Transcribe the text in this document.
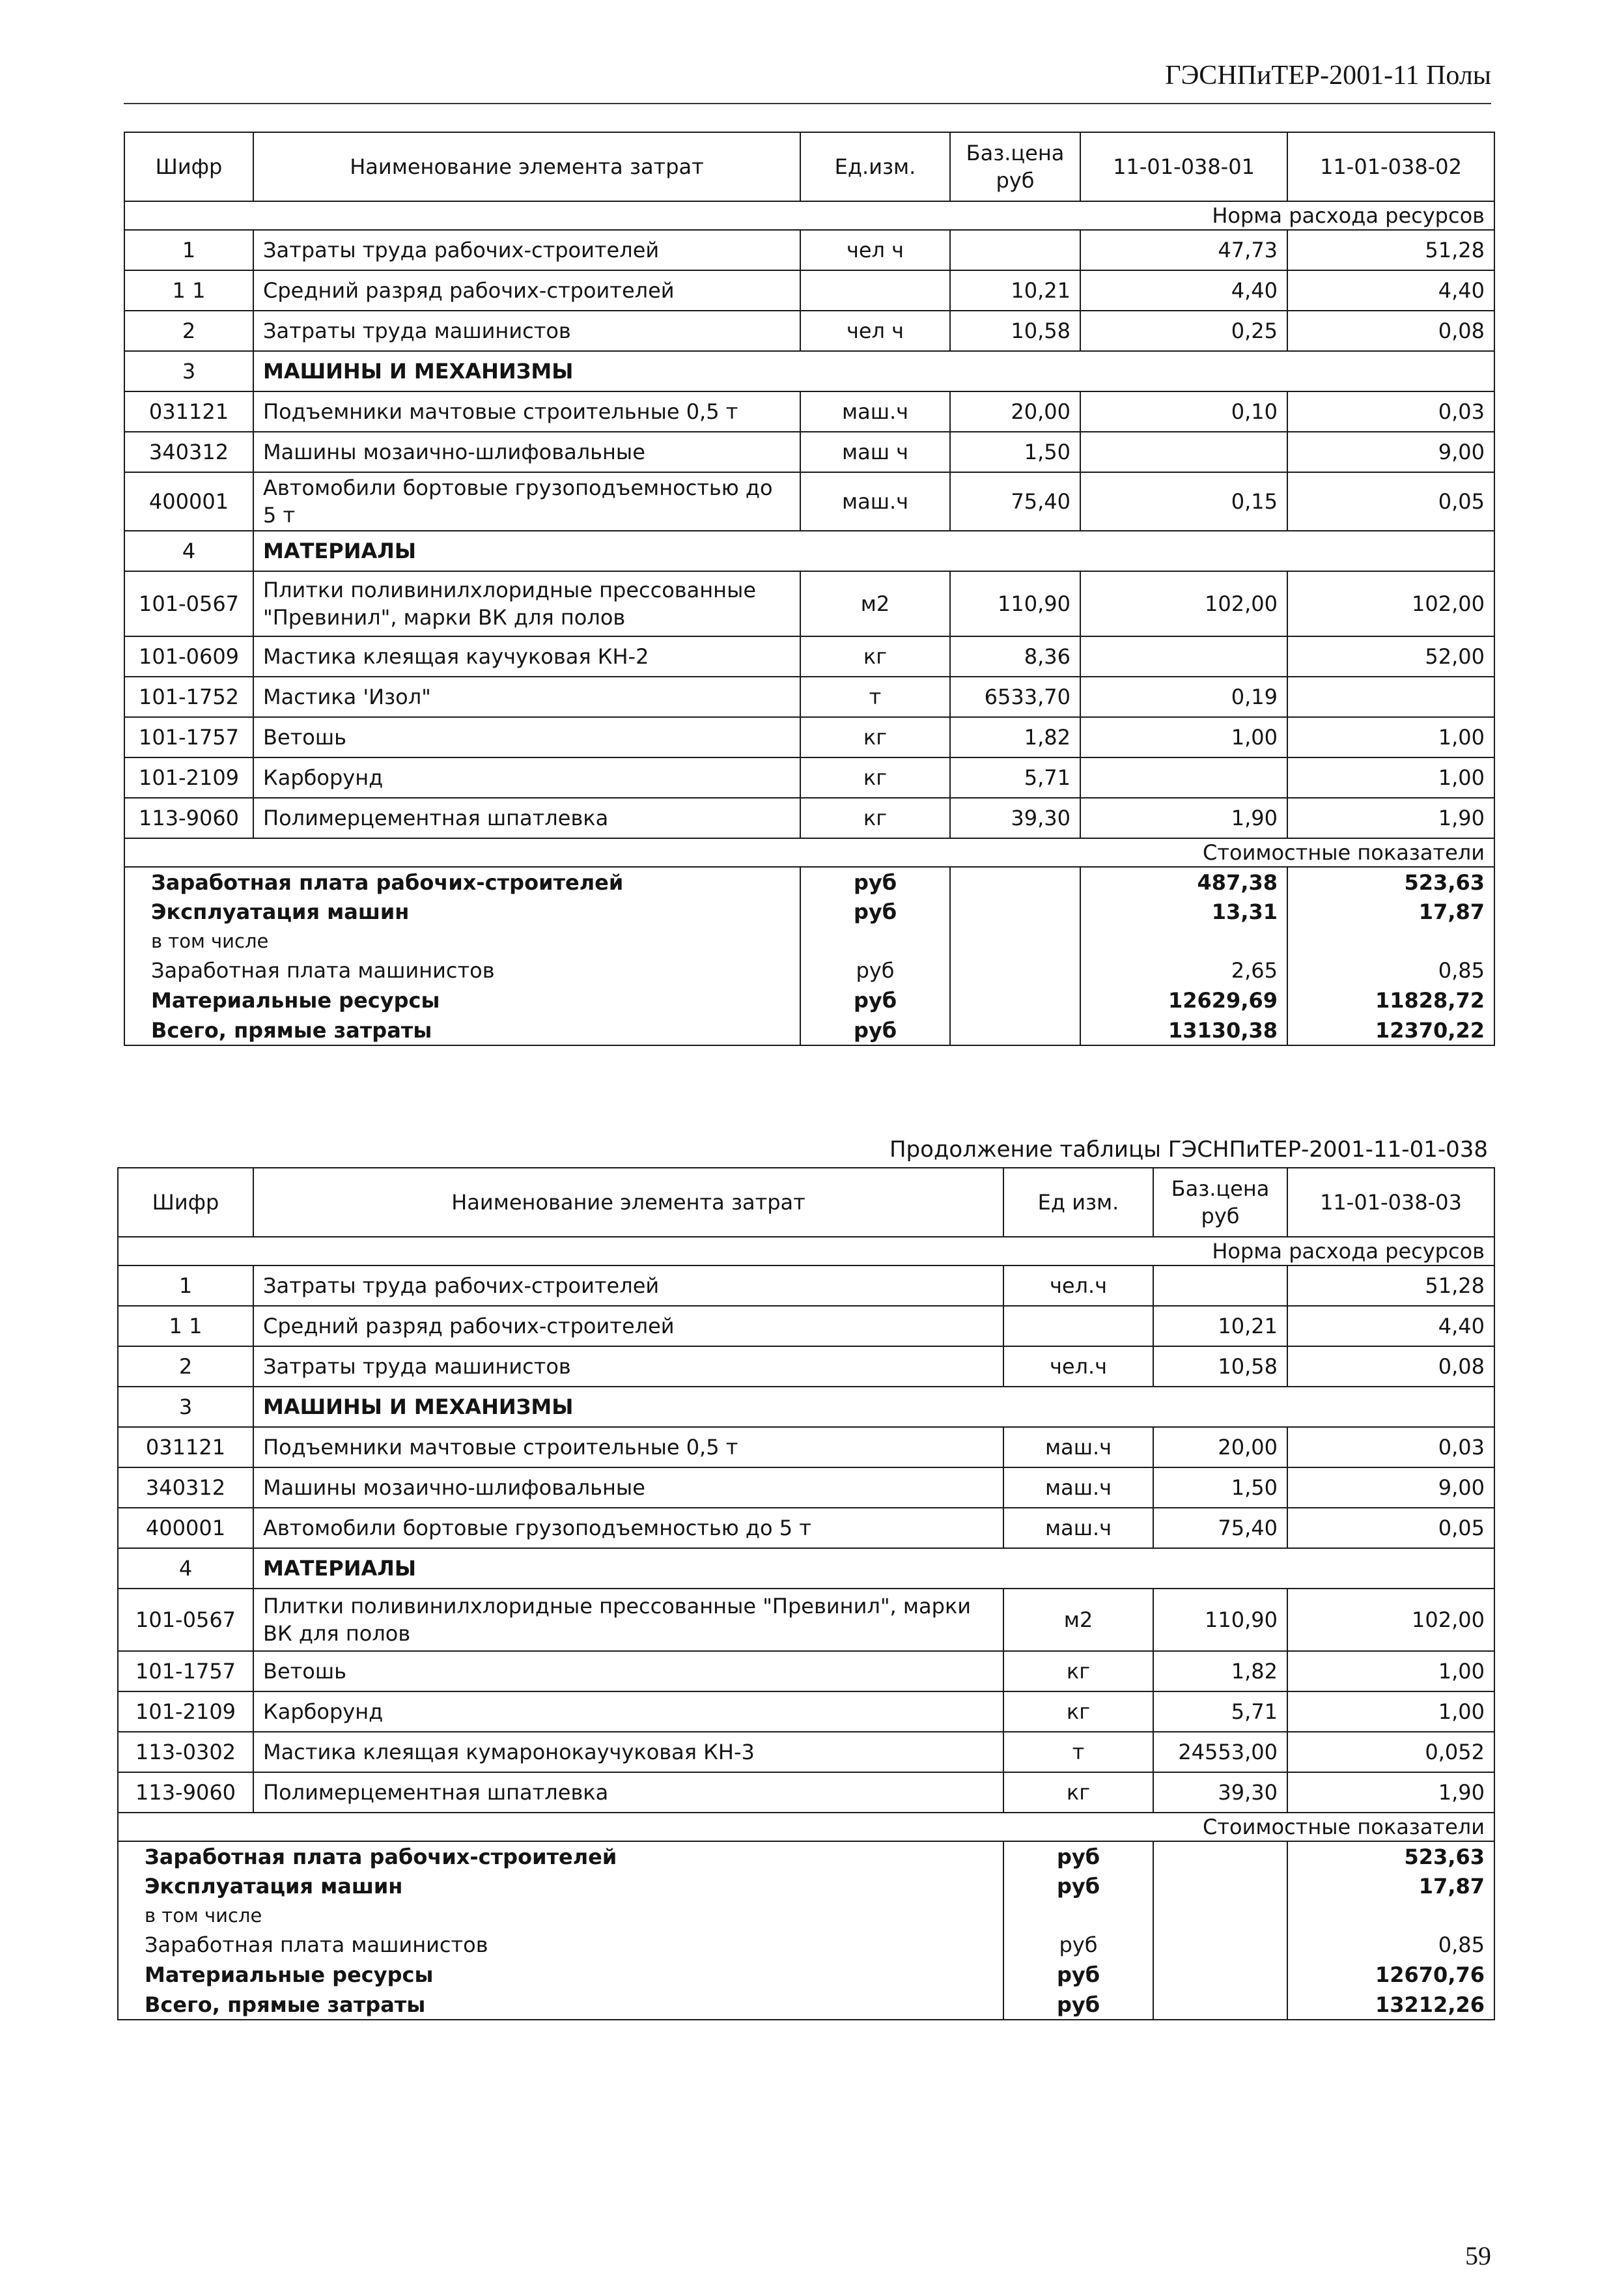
ГЭСНПиТЕР-2001-11 Полы
Шифр	Наименование элемента затрат	Ед.изм.	Баз.цена руб	11-01-038-01	11-01-038-02
Норма расхода ресурсов					
1	Затраты труда рабочих-строителей	чел ч		47,73	51,28
1 1	Средний разряд рабочих-строителей		10,21	4,40	4,40
2	Затраты труда машинистов	чел ч	10,58	0,25	0,08
3	МАШИНЫ И МЕХАНИЗМЫ				
031121	Подъемники мачтовые строительные 0,5 т	маш.ч	20,00	0,10	0,03
340312	Машины мозаично-шлифовальные	маш ч	1,50		9,00
400001	Автомобили бортовые грузоподъемностью до 5 т	маш.ч	75,40	0,15	0,05
4	МАТЕРИАЛЫ				
101-0567	Плитки поливинилхлоридные прессованные "Превинил", марки ВК для полов	м2	110,90	102,00	102,00
101-0609	Мастика клеящая каучуковая КН-2	кг	8,36		52,00
101-1752	Мастика 'Изол"	т	6533,70	0,19	
101-1757	Ветошь	кг	1,82	1,00	1,00
101-2109	Карборунд	кг	5,71		1,00
113-9060	Полимерцементная шпатлевка	кг	39,30	1,90	1,90
Стоимостные показатели					
Заработная плата рабочих-строителей		руб		487,38	523,63
Эксплуатация машин		руб		13,31	17,87
в том числе					
Заработная плата машинистов		руб		2,65	0,85
Материальные ресурсы		руб		12629,69	11828,72
Всего, прямые затраты		руб		13130,38	12370,22
Продолжение таблицы ГЭСНПиТЕР-2001-11-01-038
Шифр	Наименование элемента затрат	Ед изм.	Баз.цена руб	11-01-038-03
Норма расхода ресурсов				
1	Затраты труда рабочих-строителей	чел.ч		51,28
1 1	Средний разряд рабочих-строителей		10,21	4,40
2	Затраты труда машинистов	чел.ч	10,58	0,08
3	МАШИНЫ И МЕХАНИЗМЫ			
031121	Подъемники мачтовые строительные 0,5 т	маш.ч	20,00	0,03
340312	Машины мозаично-шлифовальные	маш.ч	1,50	9,00
400001	Автомобили бортовые грузоподъемностью до 5 т	маш.ч	75,40	0,05
4	МАТЕРИАЛЫ			
101-0567	Плитки поливинилхлоридные прессованные "Превинил", марки ВК для полов	м2	110,90	102,00
101-1757	Ветошь	кг	1,82	1,00
101-2109	Карборунд	кг	5,71	1,00
113-0302	Мастика клеящая кумаронокаучуковая КН-3	т	24553,00	0,052
113-9060	Полимерцементная шпатлевка	кг	39,30	1,90
Стоимостные показатели				
Заработная плата рабочих-строителей		руб		523,63
Эксплуатация машин		руб		17,87
в том числе				
Заработная плата машинистов		руб		0,85
Материальные ресурсы		руб		12670,76
Всего, прямые затраты		руб		13212,26
59
